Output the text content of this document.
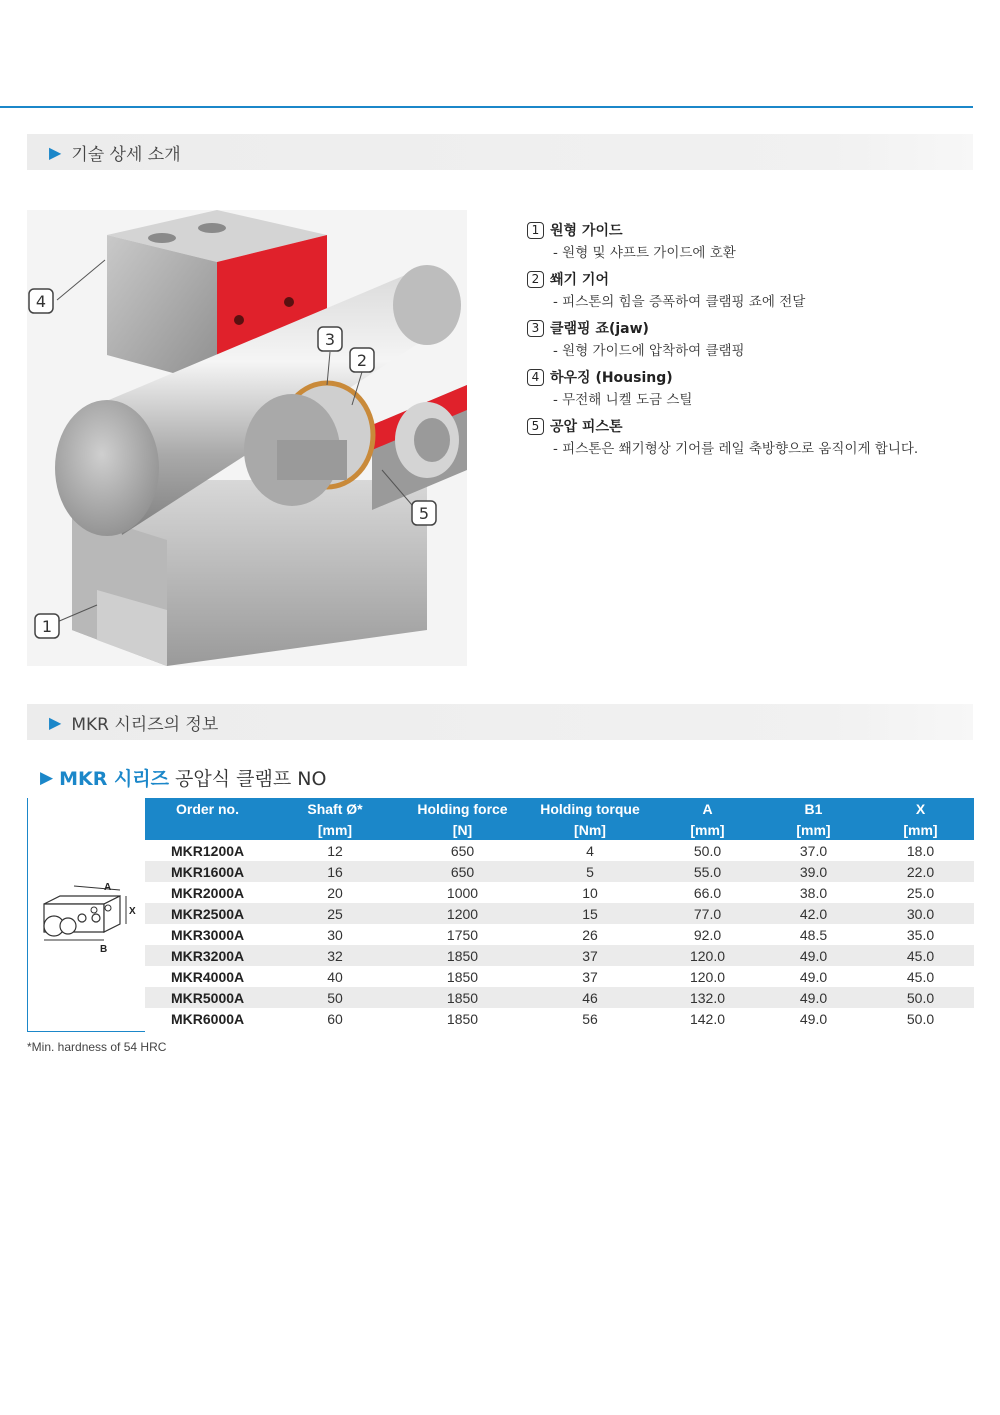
▶ 기술 상세 소개
4
3
2
5
1
1 원형 가이드
- 원형 및 샤프트 가이드에 호환
2 쐐기 기어
- 피스톤의 힘을 증폭하여 클램핑 죠에 전달
3 클램핑 죠(jaw)
- 원형 가이드에 압착하여 클램핑
4 하우징 (Housing)
- 무전해 니켈 도금 스틸
5 공압 피스톤
- 피스톤은 쐐기형상 기어를 레일 축방향으로 움직이게 합니다.
▶ MKR 시리즈의 정보
▶ MKR 시리즈 공압식 클램프 NO
A
X
B
Order no.	Shaft Ø*	Holding force	Holding torque	A	B1	X
	[mm]	[N]	[Nm]	[mm]	[mm]	[mm]
MKR1200A	12	650	4	50.0	37.0	18.0
MKR1600A	16	650	5	55.0	39.0	22.0
MKR2000A	20	1000	10	66.0	38.0	25.0
MKR2500A	25	1200	15	77.0	42.0	30.0
MKR3000A	30	1750	26	92.0	48.5	35.0
MKR3200A	32	1850	37	120.0	49.0	45.0
MKR4000A	40	1850	37	120.0	49.0	45.0
MKR5000A	50	1850	46	132.0	49.0	50.0
MKR6000A	60	1850	56	142.0	49.0	50.0
*Min. hardness of 54 HRC
